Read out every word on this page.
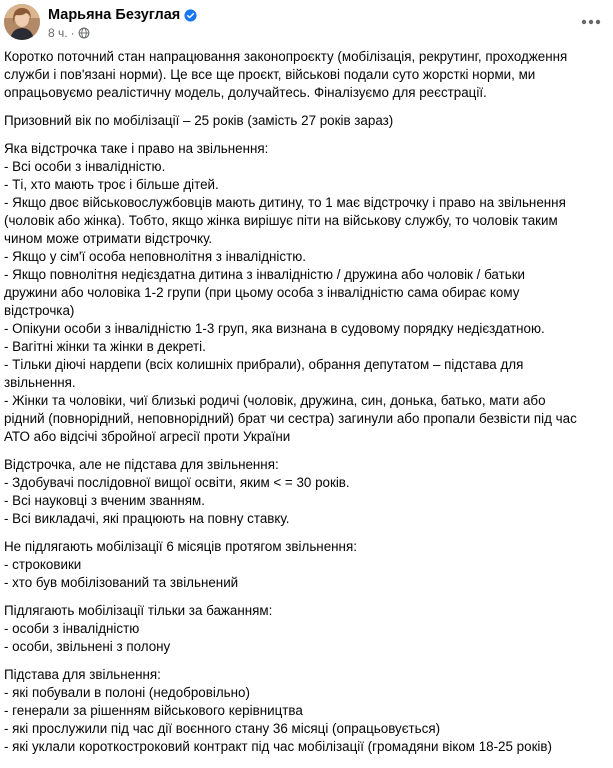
Марьяна Безуглая
8 ч. ·
Коротко поточний стан напрацювання законопроєкту (мобілізація, рекрутинг, проходження
служби і пов'язані норми). Це все ще проєкт, військові подали суто жорсткі норми, ми
опрацьовуємо реалістичну модель, долучайтесь. Фіналізуємо для реєстрації.
Призовний вік по мобілізації – 25 років (замість 27 років зараз)
Яка відстрочка таке і право на звільнення:
- Всі особи з інвалідністю.
- Ті, хто мають троє і більше дітей.
- Якщо двоє військовослужбовців мають дитину, то 1 має відстрочку і право на звільнення
(чоловік або жінка). Тобто, якщо жінка вирішує піти на військову службу, то чоловік таким
чином може отримати відстрочку.
- Якщо у сім'ї особа неповнолітня з інвалідністю.
- Якщо повнолітня недієздатна дитина з інвалідністю / дружина або чоловік / батьки
дружини або чоловіка 1-2 групи (при цьому особа з інвалідністю сама обирає кому
відстрочка)
- Опікуни особи з інвалідністю 1-3 груп, яка визнана в судовому порядку недієздатною.
- Вагітні жінки та жінки в декреті.
- Тільки діючі нардепи (всіх колишніх прибрали), обрання депутатом – підстава для
звільнення.
- Жінки та чоловіки, чиї близькі родичі (чоловік, дружина, син, донька, батько, мати або
рідний (повнорідний, неповнорідний) брат чи сестра) загинули або пропали безвісти під час
АТО або відсічі збройної агресії проти України
Відстрочка, але не підстава для звільнення:
- Здобувачі послідовної вищої освіти, яким < = 30 років.
- Всі науковці з вченим званням.
- Всі викладачі, які працюють на повну ставку.
Не підлягають мобілізації 6 місяців протягом звільнення:
- строковики
- хто був мобілізований та звільнений
Підлягають мобілізації тільки за бажанням:
- особи з інвалідністю
- особи, звільнені з полону
Підстава для звільнення:
- які побували в полоні (недобровільно)
- генерали за рішенням військового керівництва
- які прослужили під час дії воєнного стану 36 місяці (опрацьовується)
- які уклали короткостроковий контракт під час мобілізації (громадяни віком 18-25 років)
